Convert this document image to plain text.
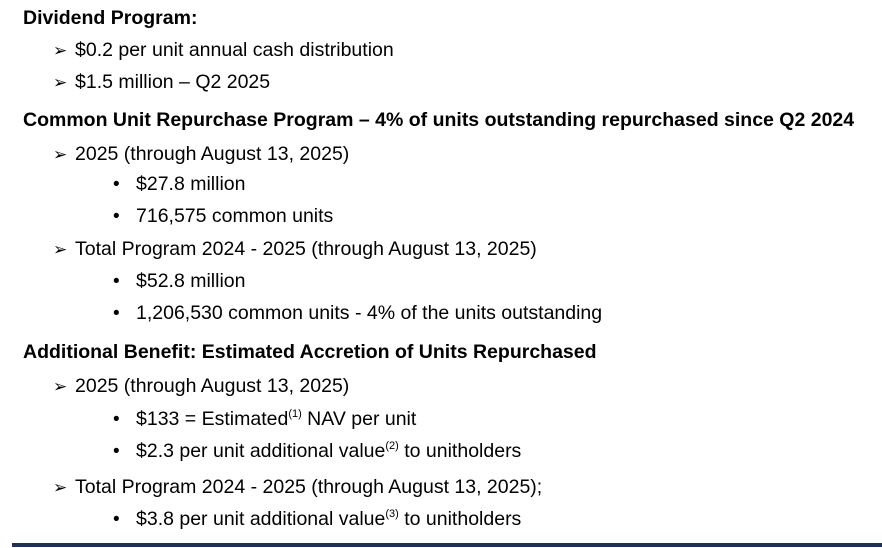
Dividend Program:
➢ $0.2 per unit annual cash distribution
➢ $1.5 million – Q2 2025
Common Unit Repurchase Program – 4% of units outstanding repurchased since Q2 2024
➢ 2025 (through August 13, 2025)
• $27.8 million
• 716,575 common units
➢ Total Program 2024 - 2025 (through August 13, 2025)
• $52.8 million
• 1,206,530 common units - 4% of the units outstanding
Additional Benefit: Estimated Accretion of Units Repurchased
➢ 2025 (through August 13, 2025)
• $133 = Estimated$^{(1)}$ NAV per unit
• $2.3 per unit additional value$^{(2)}$ to unitholders
➢ Total Program 2024 - 2025 (through August 13, 2025);
• $3.8 per unit additional value$^{(3)}$ to unitholders
